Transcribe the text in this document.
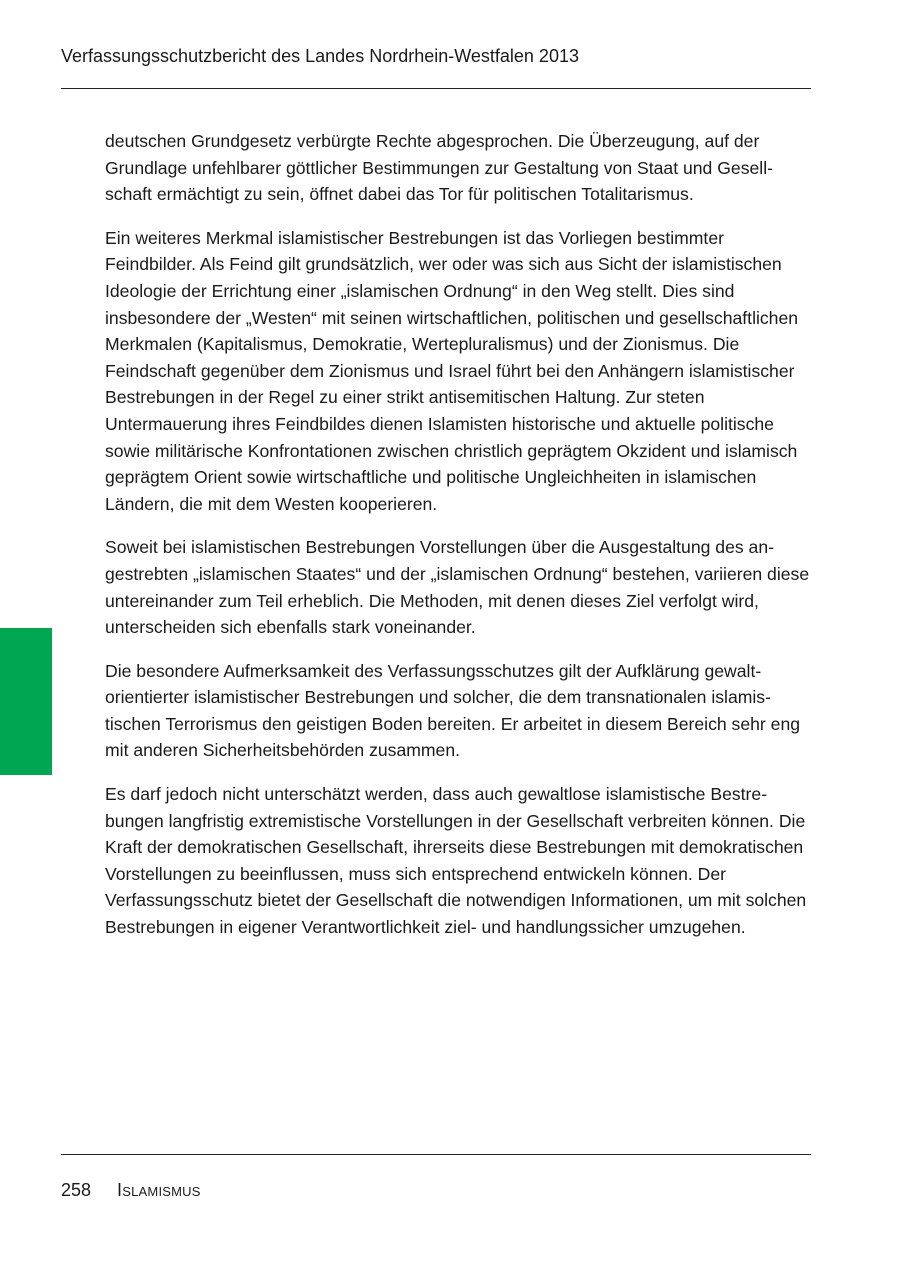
Verfassungsschutzbericht des Landes Nordrhein-Westfalen 2013

deutschen Grundgesetz verbürgte Rechte abgesprochen. Die Überzeugung, auf der Grundlage unfehlbarer göttlicher Bestimmungen zur Gestaltung von Staat und Gesellschaft ermächtigt zu sein, öffnet dabei das Tor für politischen Totalitarismus.

Ein weiteres Merkmal islamistischer Bestrebungen ist das Vorliegen bestimmter Feindbilder. Als Feind gilt grundsätzlich, wer oder was sich aus Sicht der islamistischen Ideologie der Errichtung einer „islamischen Ordnung“ in den Weg stellt. Dies sind insbesondere der „Westen“ mit seinen wirtschaftlichen, politischen und gesellschaftlichen Merkmalen (Kapitalismus, Demokratie, Wertepluralismus) und der Zionismus. Die Feindschaft gegenüber dem Zionismus und Israel führt bei den Anhängern islamistischer Bestrebungen in der Regel zu einer strikt antisemitischen Haltung. Zur steten Untermauerung ihres Feindbildes dienen Islamisten historische und aktuelle politische sowie militärische Konfrontationen zwischen christlich geprägtem Okzident und islamisch geprägtem Orient sowie wirtschaftliche und politische Ungleichheiten in islamischen Ländern, die mit dem Westen kooperieren.

Soweit bei islamistischen Bestrebungen Vorstellungen über die Ausgestaltung des angestrebten „islamischen Staates“ und der „islamischen Ordnung“ bestehen, variieren diese untereinander zum Teil erheblich. Die Methoden, mit denen dieses Ziel verfolgt wird, unterscheiden sich ebenfalls stark voneinander.

Die besondere Aufmerksamkeit des Verfassungsschutzes gilt der Aufklärung gewaltorientierter islamistischer Bestrebungen und solcher, die dem transnationalen islamistischen Terrorismus den geistigen Boden bereiten. Er arbeitet in diesem Bereich sehr eng mit anderen Sicherheitsbehörden zusammen.

Es darf jedoch nicht unterschätzt werden, dass auch gewaltlose islamistische Bestrebungen langfristig extremistische Vorstellungen in der Gesellschaft verbreiten können. Die Kraft der demokratischen Gesellschaft, ihrerseits diese Bestrebungen mit demokratischen Vorstellungen zu beeinflussen, muss sich entsprechend entwickeln können. Der Verfassungsschutz bietet der Gesellschaft die notwendigen Informationen, um mit solchen Bestrebungen in eigener Verantwortlichkeit ziel- und handlungssicher umzugehen.

258 Islamismus
